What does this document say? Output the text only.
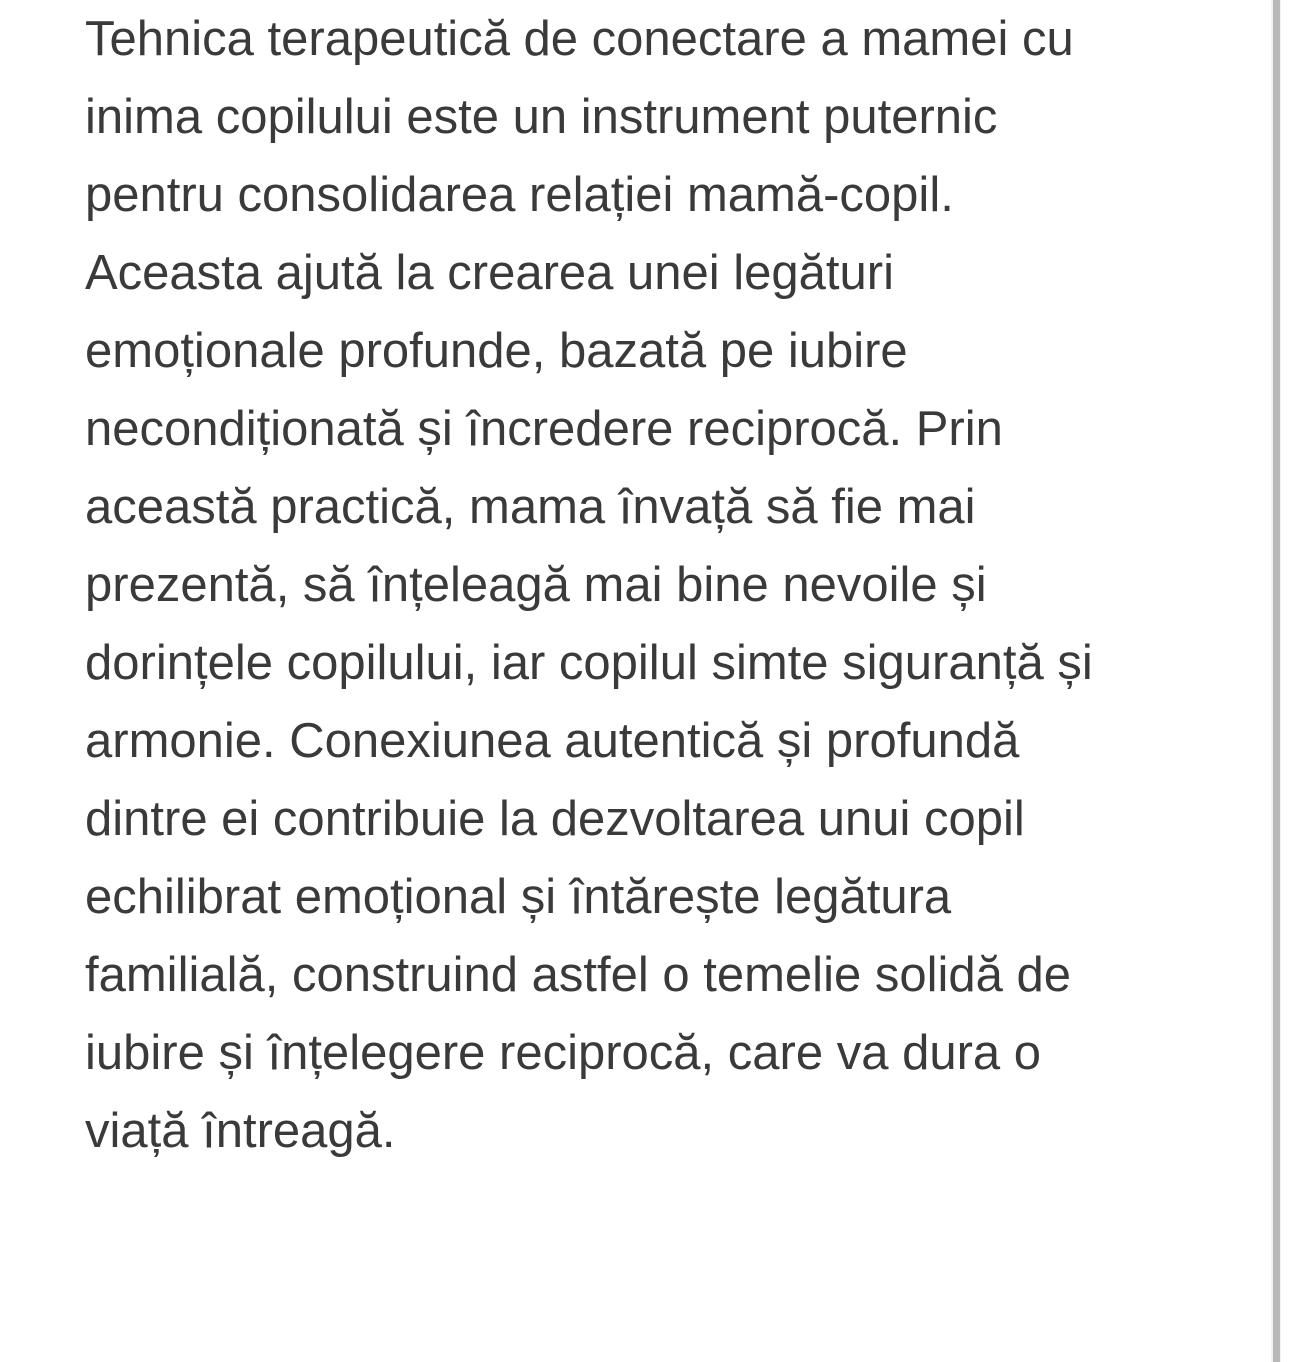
Tehnica terapeutică de conectare a mamei cu
inima copilului este un instrument puternic
pentru consolidarea relației mamă-copil.
Aceasta ajută la crearea unei legături
emoționale profunde, bazată pe iubire
necondiționată și încredere reciprocă. Prin
această practică, mama învață să fie mai
prezentă, să înțeleagă mai bine nevoile și
dorințele copilului, iar copilul simte siguranță și
armonie. Conexiunea autentică și profundă
dintre ei contribuie la dezvoltarea unui copil
echilibrat emoțional și întărește legătura
familială, construind astfel o temelie solidă de
iubire și înțelegere reciprocă, care va dura o
viață întreagă.
